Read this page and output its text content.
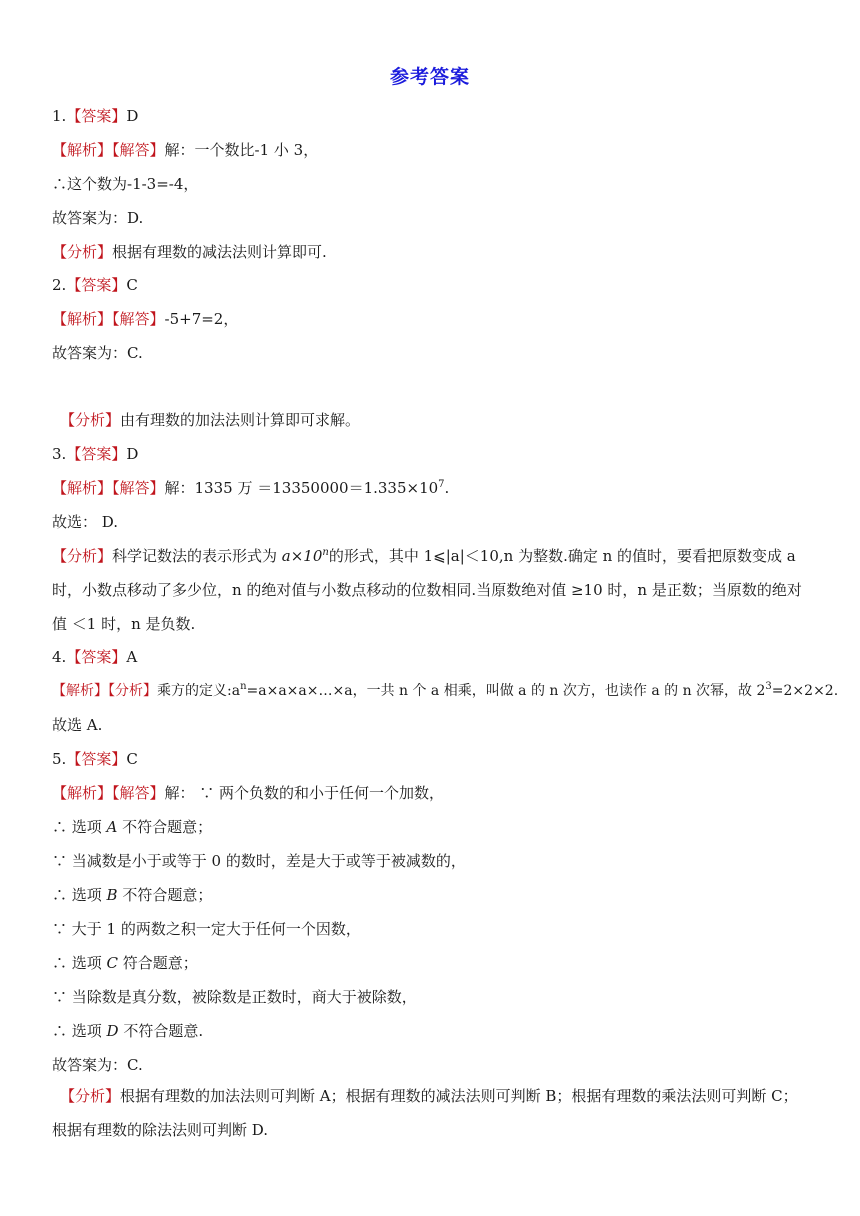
参考答案
1.【答案】D
【解析】【解答】解：一个数比-1 小 3，
∴这个数为-1-3=-4，
故答案为：D.
【分析】根据有理数的减法法则计算即可.
2.【答案】C
【解析】【解答】-5+7=2，
故答案为：C.
【分析】由有理数的加法法则计算即可求解。
3.【答案】D
【解析】【解答】解：1335 万 $=13350000=1.335\times 10^7$.
故选： D.
【分析】科学记数法的表示形式为 $a\times 10^n$的形式，其中 1⩽|a|＜10,n 为整数.确定 n 的值时，要看把原数变成 a 时，小数点移动了多少位，n 的绝对值与小数点移动的位数相同.当原数绝对值 ≥10 时，n 是正数；当原数的绝对值 ＜1 时，n 是负数.
4.【答案】A
【解析】【分析】乘方的定义$:a^n=a\times a\times a\times\dots\times a$，一共 n 个 a 相乘，叫做 a 的 n 次方，也读作 a 的 n 次幂，故 $2^3=2\times 2\times 2$.
故选 A.
5.【答案】C
【解析】【解答】解： ∵ 两个负数的和小于任何一个加数，
∴ 选项 A 不符合题意；
∵ 当减数是小于或等于 0 的数时，差是大于或等于被减数的，
∴ 选项 B 不符合题意；
∵ 大于 1 的两数之积一定大于任何一个因数，
∴ 选项 C 符合题意；
∵ 当除数是真分数，被除数是正数时，商大于被除数，
∴ 选项 D 不符合题意.
故答案为：C.
【分析】根据有理数的加法法则可判断 A；根据有理数的减法法则可判断 B；根据有理数的乘法法则可判断 C；根据有理数的除法法则可判断 D.
